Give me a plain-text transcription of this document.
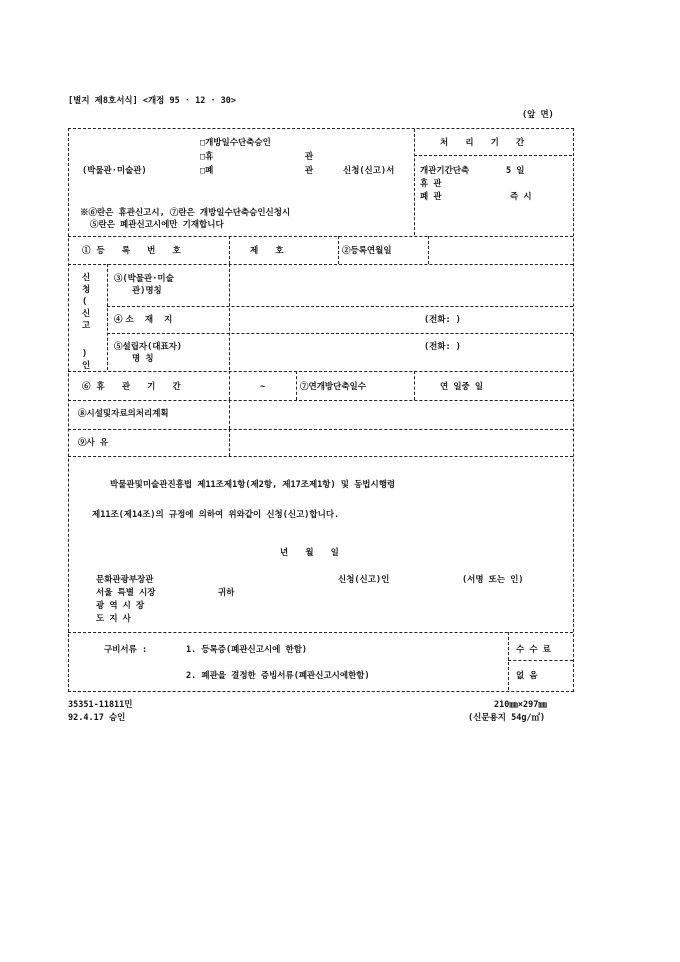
[별지 제8호서식] <개정 95 · 12 · 30>
(앞 면)
□개방일수단축승인
□휴	관
(박물관·미술관)	□폐	관	신청(신고)서
※⑥란은 휴관신고시, ⑦란은 개방일수단축승인신청시
⑤란은 폐관신고시에만 기재합니다
처 리 기 간
개관기간단축	5 일
휴 관
폐 관	즉 시
①등 록 번 호	제 호	②등록연월일
신
청
(
신
고
)
인
③(박물관·미술
관)명칭
④소 재 지	(전화: )
⑤설립자(대표자)
명 칭
(전화: )
⑥휴 관 기 간	~	⑦연개방단축일수	연 일중 일
⑧시설및자료의처리계획
⑨사 유
박물관및미술관진흥법 제11조제1항(제2항, 제17조제1항) 및 동법시행령
제11조(제14조)의 규정에 의하여 위와같이 신청(신고)합니다.
년 월 일
문화관광부장관
서울 특별 시장	귀하
광 역 시 장
도 지 사
신청(신고)인	(서명 또는 인)
구비서류 :	1. 등록증(폐관신고시에 한함)
2. 폐관을 결정한 증빙서류(폐관신고시에한함)
수 수 료
없 음
35351-11811민
92.4.17 승인
210㎜×297㎜
(신문용지 54g/㎡)
